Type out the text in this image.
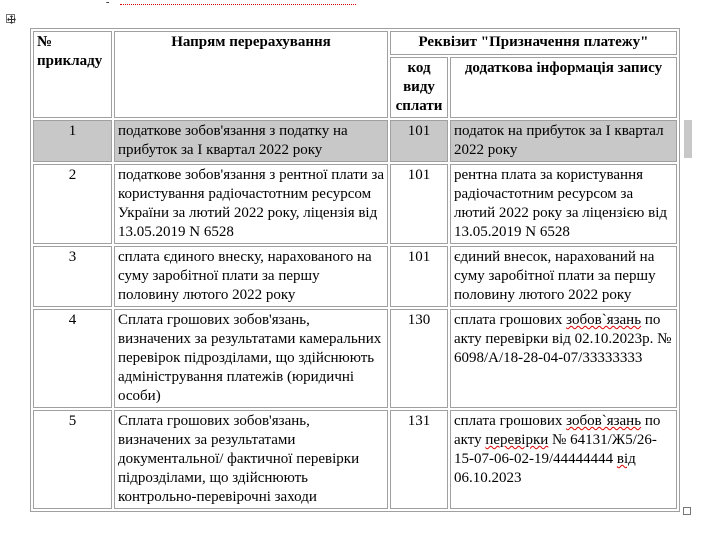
-
№ прикладу	Напрям перерахування	Реквізит "Призначення платежу"	
		код виду сплати	додаткова інформація запису
1	податкове зобов'язання з податку на прибуток за І квартал 2022 року	101	податок на прибуток за І квартал 2022 року
2	податкове зобов'язання з рентної плати за користування радіочастотним ресурсом України за лютий 2022 року, ліцензія від 13.05.2019 N 6528	101	рентна плата за користування радіочастотним ресурсом за лютий 2022 року за ліцензією від 13.05.2019 N 6528
3	сплата єдиного внеску, нарахованого на суму заробітної плати за першу половину лютого 2022 року	101	єдиний внесок, нарахований на суму заробітної плати за першу половину лютого 2022 року
4	Сплата грошових зобов'язань, визначених за результатами камеральних перевірок підрозділами, що здійснюють адміністрування платежів (юридичні особи)	130	сплата грошових зобов`язань по акту перевірки від 02.10.2023р. № 6098/А/18-28-04-07/33333333
5	Сплата грошових зобов'язань, визначених за результатами документальної/ фактичної перевірки підрозділами, що здійснюють контрольно-перевірочні заходи	131	сплата грошових зобов`язань по акту перевірки № 64131/Ж5/26-15-07-06-02-19/44444444 від 06.10.2023
